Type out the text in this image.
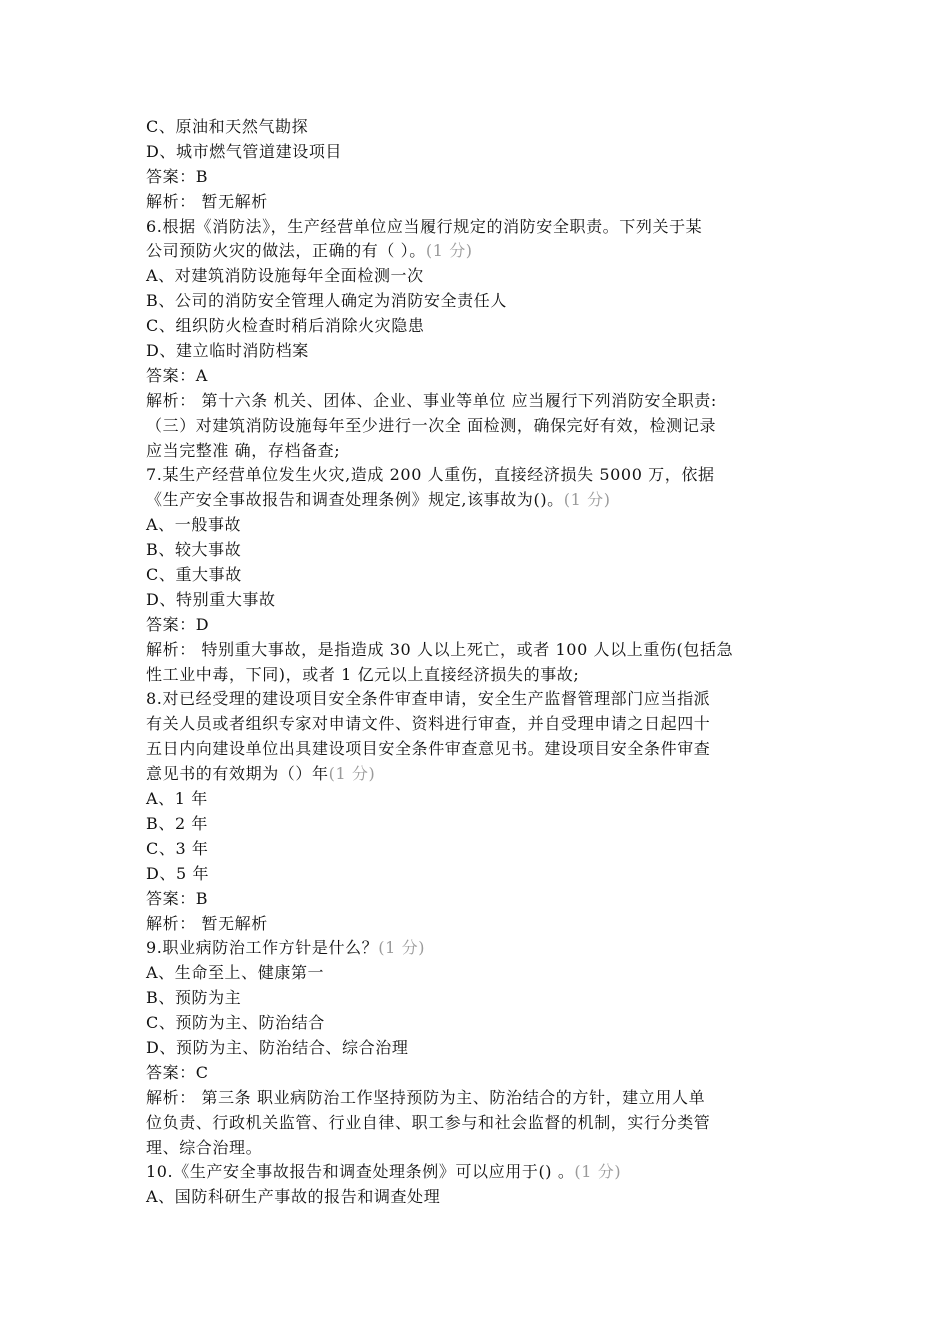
C、原油和天然气勘探
D、城市燃气管道建设项目
答案：B
解析： 暂无解析
6.根据《消防法》，生产经营单位应当履行规定的消防安全职责。下列关于某
公司预防火灾的做法，正确的有（ ）。(1 分)
A、对建筑消防设施每年全面检测一次
B、公司的消防安全管理人确定为消防安全责任人
C、组织防火检查时稍后消除火灾隐患
D、建立临时消防档案
答案：A
解析： 第十六条 机关、团体、企业、事业等单位 应当履行下列消防安全职责:
（三）对建筑消防设施每年至少进行一次全 面检测，确保完好有效，检测记录
应当完整准 确，存档备查;
7.某生产经营单位发生火灾,造成 200 人重伤，直接经济损失 5000 万，依据
《生产安全事故报告和调查处理条例》规定,该事故为()。(1 分)
A、一般事故
B、较大事故
C、重大事故
D、特别重大事故
答案：D
解析： 特别重大事故，是指造成 30 人以上死亡，或者 100 人以上重伤(包括急
性工业中毒，下同)，或者 1 亿元以上直接经济损失的事故;
8.对已经受理的建设项目安全条件审查申请，安全生产监督管理部门应当指派
有关人员或者组织专家对申请文件、资料进行审查，并自受理申请之日起四十
五日内向建设单位出具建设项目安全条件审查意见书。建设项目安全条件审查
意见书的有效期为（）年(1 分)
A、1 年
B、2 年
C、3 年
D、5 年
答案：B
解析： 暂无解析
9.职业病防治工作方针是什么？(1 分)
A、生命至上、健康第一
B、预防为主
C、预防为主、防治结合
D、预防为主、防治结合、综合治理
答案：C
解析： 第三条 职业病防治工作坚持预防为主、防治结合的方针，建立用人单
位负责、行政机关监管、行业自律、职工参与和社会监督的机制，实行分类管
理、综合治理。
10.《生产安全事故报告和调查处理条例》可以应用于() 。(1 分)
A、国防科研生产事故的报告和调查处理
